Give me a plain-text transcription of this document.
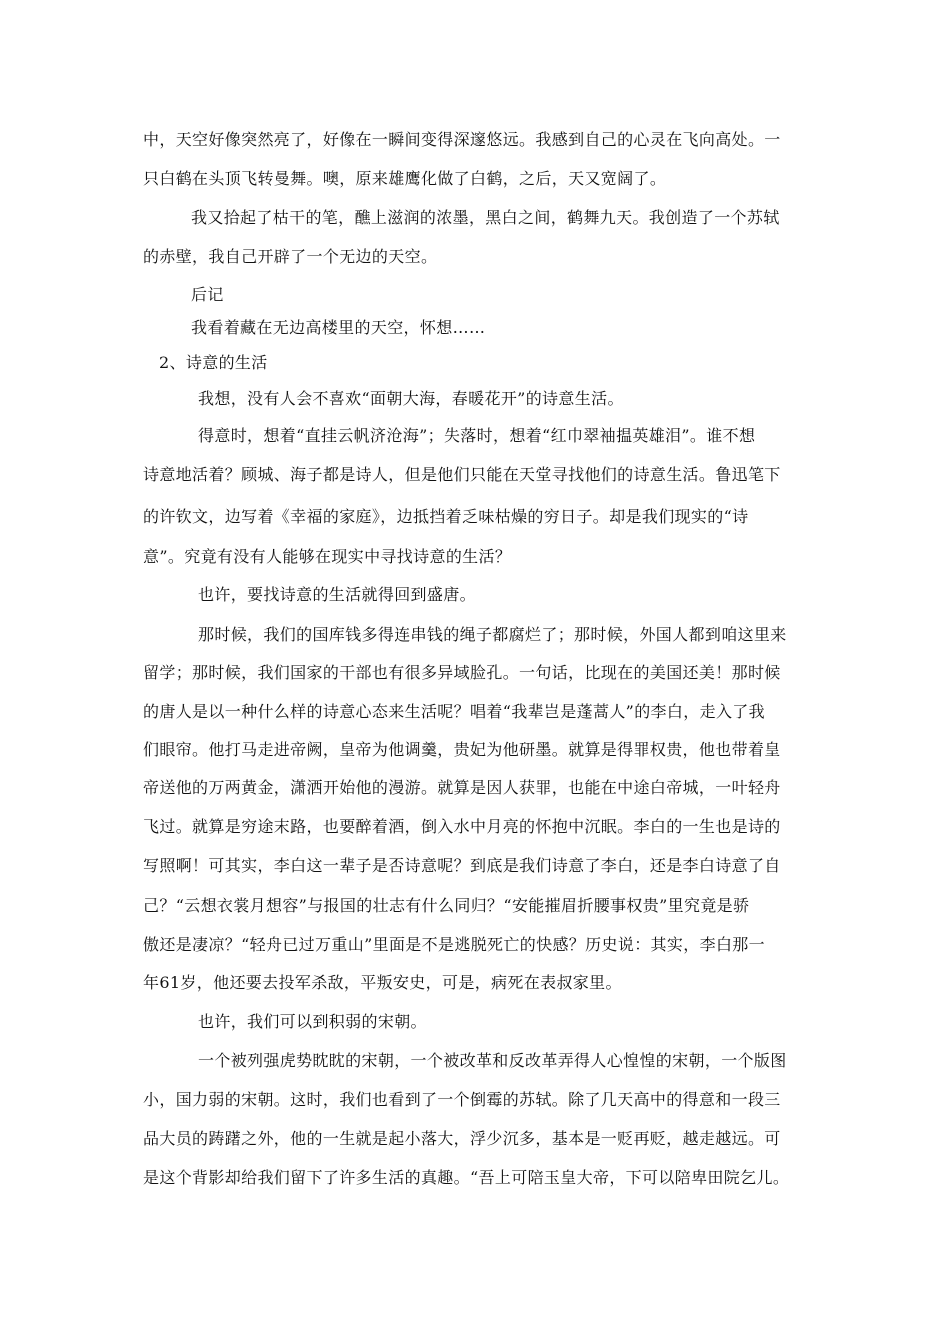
中，天空好像突然亮了，好像在一瞬间变得深邃悠远。我感到自己的心灵在飞向高处。一
只白鹤在头顶飞转曼舞。噢，原来雄鹰化做了白鹤，之后，天又宽阔了。
我又拾起了枯干的笔，醮上滋润的浓墨，黑白之间，鹤舞九天。我创造了一个苏轼
的赤壁，我自己开辟了一个无边的天空。
后记
我看着藏在无边高楼里的天空，怀想……
2、诗意的生活
我想，没有人会不喜欢“面朝大海，春暖花开”的诗意生活。
得意时，想着“直挂云帆济沧海”；失落时，想着“红巾翠袖揾英雄泪”。谁不想
诗意地活着？顾城、海子都是诗人，但是他们只能在天堂寻找他们的诗意生活。鲁迅笔下
的许钦文，边写着《幸福的家庭》，边抵挡着乏味枯燥的穷日子。却是我们现实的“诗
意”。究竟有没有人能够在现实中寻找诗意的生活？
也许，要找诗意的生活就得回到盛唐。
那时候，我们的国库钱多得连串钱的绳子都腐烂了；那时候，外国人都到咱这里来
留学；那时候，我们国家的干部也有很多异域脸孔。一句话，比现在的美国还美！那时候
的唐人是以一种什么样的诗意心态来生活呢？唱着“我辈岂是蓬蒿人”的李白，走入了我
们眼帘。他打马走进帝阙，皇帝为他调羹，贵妃为他研墨。就算是得罪权贵，他也带着皇
帝送他的万两黄金，潇洒开始他的漫游。就算是因人获罪，也能在中途白帝城，一叶轻舟
飞过。就算是穷途末路，也要醉着酒，倒入水中月亮的怀抱中沉眠。李白的一生也是诗的
写照啊！可其实，李白这一辈子是否诗意呢？到底是我们诗意了李白，还是李白诗意了自
己？“云想衣裳月想容”与报国的壮志有什么同归？“安能摧眉折腰事权贵”里究竟是骄
傲还是凄凉？“轻舟已过万重山”里面是不是逃脱死亡的快感？历史说：其实，李白那一
年61岁，他还要去投军杀敌，平叛安史，可是，病死在表叔家里。
也许，我们可以到积弱的宋朝。
一个被列强虎势眈眈的宋朝，一个被改革和反改革弄得人心惶惶的宋朝，一个版图
小，国力弱的宋朝。这时，我们也看到了一个倒霉的苏轼。除了几天高中的得意和一段三
品大员的踌躇之外，他的一生就是起小落大，浮少沉多，基本是一贬再贬，越走越远。可
是这个背影却给我们留下了许多生活的真趣。“吾上可陪玉皇大帝，下可以陪卑田院乞儿。
